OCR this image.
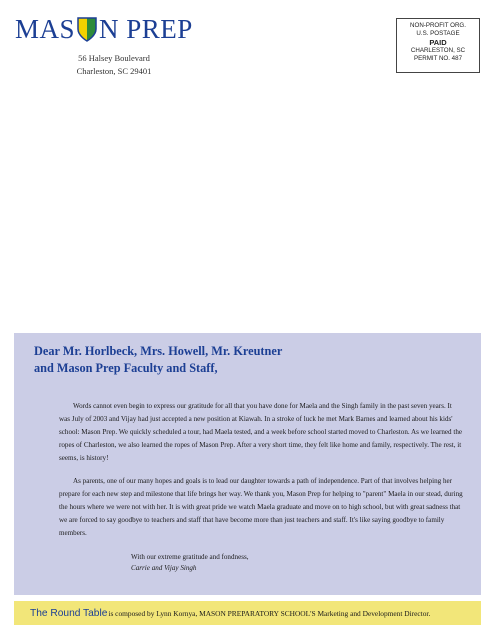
MAS N PREP
56 Halsey Boulevard
Charleston, SC 29401
NON-PROFIT ORG.
U.S. POSTAGE
PAID
CHARLESTON, SC
PERMIT NO. 487
Dear Mr. Horlbeck, Mrs. Howell, Mr. Kreutner
and Mason Prep Faculty and Staff,

Words cannot even begin to express our gratitude for all that you have done for Maela and the Singh family in the past seven years. It was July of 2003 and Vijay had just accepted a new position at Kiawah. In a stroke of luck he met Mark Barnes and learned about his kids' school: Mason Prep. We quickly scheduled a tour, had Maela tested, and a week before school started moved to Charleston. As we learned the ropes of Charleston, we also learned the ropes of Mason Prep. After a very short time, they felt like home and family, respectively. The rest, it seems, is history!

As parents, one of our many hopes and goals is to lead our daughter towards a path of independence. Part of that involves helping her prepare for each new step and milestone that life brings her way. We thank you, Mason Prep for helping to "parent" Maela in our stead, during the hours where we were not with her. It is with great pride we watch Maela graduate and move on to high school, but with great sadness that we are forced to say goodbye to teachers and staff that have become more than just teachers and staff. It's like saying goodbye to family members.

With our extreme gratitude and fondness,
Carrie and Vijay Singh
The Round Table is composed by Lynn Kornya, MASON PREPARATORY SCHOOL'S Marketing and Development Director.
